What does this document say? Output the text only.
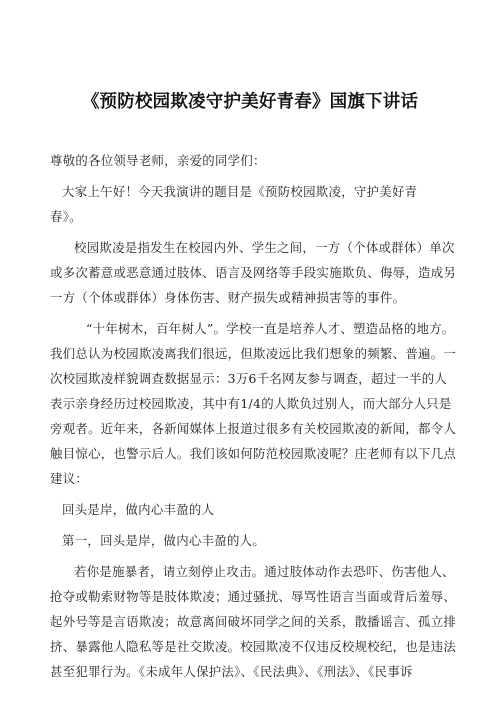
《预防校园欺凌守护美好青春》国旗下讲话

尊敬的各位领导老师，亲爱的同学们：

大家上午好！今天我演讲的题目是《预防校园欺凌，守护美好青
春》。

校园欺凌是指发生在校园内外、学生之间，一方（个体或群体）单次
或多次蓄意或恶意通过肢体、语言及网络等手段实施欺负、侮辱，造成另
一方（个体或群体）身体伤害、财产损失或精神损害等的事件。

“十年树木，百年树人”。学校一直是培养人才、塑造品格的地方。
我们总认为校园欺凌离我们很远，但欺凌远比我们想象的频繁、普遍。一
次校园欺凌样貌调查数据显示：3万6千名网友参与调查，超过一半的人
表示亲身经历过校园欺凌，其中有1/4的人欺负过别人，而大部分人只是
旁观者。近年来，各新闻媒体上报道过很多有关校园欺凌的新闻，都令人
触目惊心，也警示后人。我们该如何防范校园欺凌呢？庄老师有以下几点
建议：

回头是岸，做内心丰盈的人

第一，回头是岸，做内心丰盈的人。

若你是施暴者，请立刻停止攻击。通过肢体动作去恐吓、伤害他人、
抢夺或勒索财物等是肢体欺凌；通过骚扰、辱骂性语言当面或背后羞辱、
起外号等是言语欺凌；故意离间破坏同学之间的关系，散播谣言、孤立排
挤、暴露他人隐私等是社交欺凌。校园欺凌不仅违反校规校纪，也是违法
甚至犯罪行为。《未成年人保护法》、《民法典》、《刑法》、《民事诉
